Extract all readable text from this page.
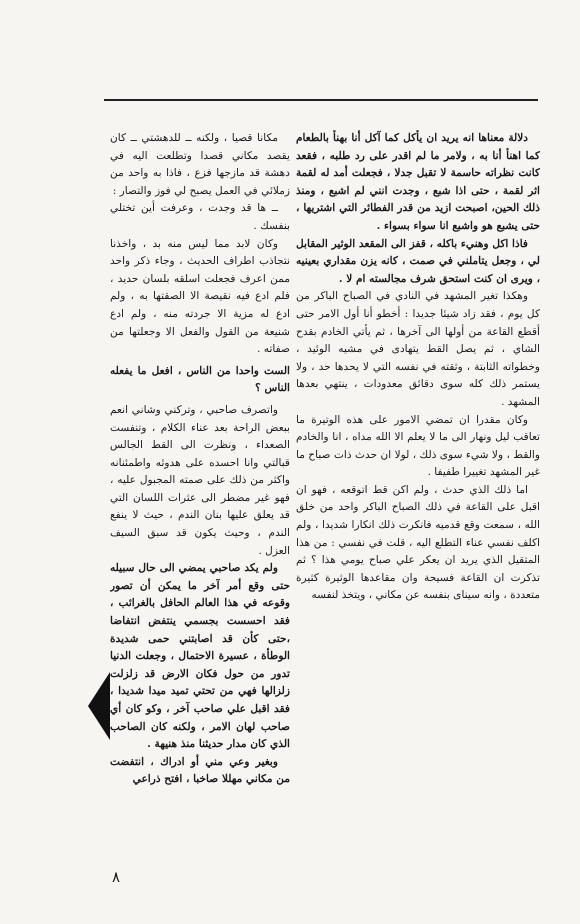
دلالة معناها انه يريد ان يأكل كما آكل أنا بهنأ بالطعام كما اهنأ أنا به ، ولامر ما لم اقدر على رد طلبه ، فقعد كانت نظراته حاسمة لا تقبل جدلا ، فجعلت أمد له لقمة اثر لقمة ، حتى اذا شبع ، وجدت انني لم اشبع ، ومنذ ذلك الحين، اصبحت ازيد من قدر الفطائر التي اشتريها ، حتى يشبع هو واشبع انا سواء بسواء .

فاذا اكل وهنيء باكله ، قفز الى المقعد الوثير المقابل لي ، وجعل يتاملني في صمت ، كانه يزن مقداري بعينيه ، ويرى ان كنت استحق شرف مجالسته ام لا .

وهكذا تغير المشهد في النادي في الصباح الباكر من كل يوم ، فقد زاد شيئا جديدا : أخطو أنا أول الامر حتى أقطع القاعة من أولها الى آخرها ، ثم يأتي الخادم بقدح الشاي ، ثم يصل القط يتهادى في مشيه الوئيد ، وخطواته الثابتة ، وثقته في نفسه التي لا يحدها حد ، ولا يستمر ذلك كله سوى دقائق معدودات ، ينتهي بعدها المشهد .

وكان مقدرا ان تمضي الامور على هذه الوتيرة ما تعاقب ليل ونهار الى ما لا يعلم الا الله مداه ، انا والخادم والقط ، ولا شيء سوى ذلك ، لولا ان حدث ذات صباح ما غير المشهد تغييرا طفيفا .

اما ذلك الذي حدث ، ولم اكن قط اتوقعه ، فهو ان اقبل على القاعة في ذلك الصباح الباكر واحد من خلق الله ، سمعت وقع قدميه فانكرت ذلك انكارا شديدا ، ولم اكلف نفسي عناء التطلع اليه ، قلت في نفسي : من هذا المتقيل الذي يريد ان يعكر علي صباح يومي هذا ؟ ثم تذكرت ان القاعة فسيحة وان مقاعدها الوثيرة كثيرة متعددة ، وانه سيناى بنفسه عن مكاني ، ويتخذ لنفسه

مكانا قصيا ، ولكنه ــ للدهشتي ــ كان يقصد مكاني قصدا وتطلعت اليه في دهشة قد مازجها فزع ، فاذا به واحد من زملائي في العمل يصبح لي فوز والتصار :

ــ ها قد وجدت ، وعرفت أين تختلي بنفسك .

وكان لابد مما ليس منه بد ، واخذنا نتجاذب اطراف الحديث ، وجاء ذكر واحد ممن اعرف فجعلت اسلقه بلسان حديد ، فلم ادع فيه نقيصة الا الصقتها به ، ولم ادع له مزية الا جردته منه ، ولم ادع شنيعة من القول والفعل الا وجعلتها من صفاته .

الست واحدا من الناس ، افعل ما يفعله الناس ؟

واتصرف صاحبي ، وتركني وشاني انعم ببعض الراحة بعد عناء الكلام ، وتنفست الصعداء ، ونظرت الى القط الجالس قبالتي وانا احسده على هدوئه واطمئنانه واكثر من ذلك على صمته المجبول عليه ، فهو غير مضطر الى عثرات اللسان التي قد يعلق عليها بنان الندم ، حيث لا ينفع الندم ، وحيث يكون قد سبق السيف العزل .

ولم يكد صاحبي يمضي الى حال سبيله حتى وقع أمر آخر ما يمكن أن تصور وقوعه في هذا العالم الحافل بالغرائب ، فقد احسست بجسمي ينتفض انتفاضا ،حتى كأن قد اصابتني حمى شديدة الوطأة ، عسيرة الاحتمال ، وجعلت الدنيا تدور من حول فكان الارض قد زلزلت زلزالها فهي من تحتي تميد ميدا شديدا ، فقد اقبل علي صاحب آخر ، وكو كان أي صاحب لهان الامر ، ولكنه كان الصاحب الذي كان مدار حديثنا منذ هنيهة .

وبغير وعي مني أو ادراك ، انتفضت من مكاني مهللا صاخبا ، افتح ذراعي

٨
